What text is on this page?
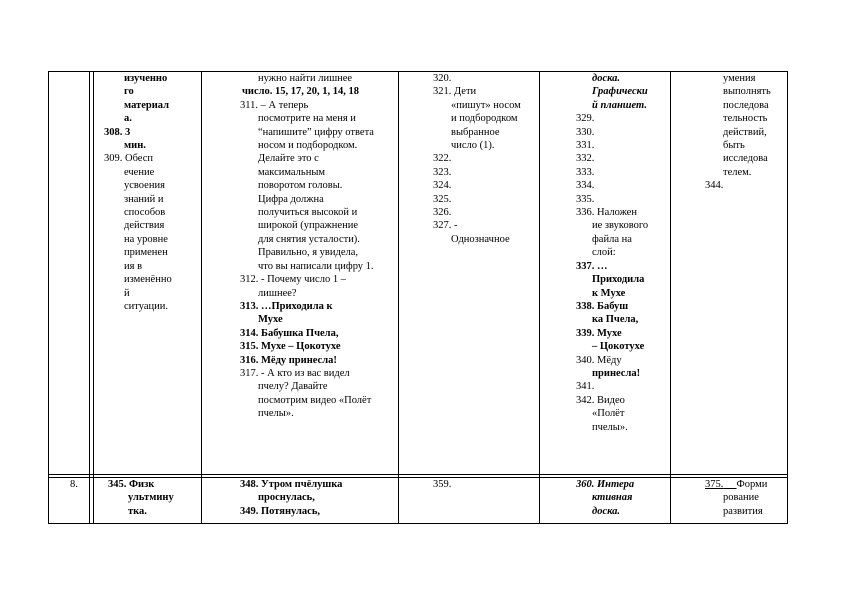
изученно
го
материал
а.
308. 3
мин.
309. Обесп
ечение
усвоения
знаний и
способов
действия
на уровне
применен
ия в
изменённо
й
ситуации.
нужно найти лишнее
число. 15, 17, 20, 1, 14, 18
311. – А теперь
посмотрите на меня и
“напишите” цифру ответа
носом и подбородком.
Делайте это с
максимальным
поворотом головы.
Цифра должна
получиться высокой и
широкой (упражнение
для снятия усталости).
Правильно, я увидела,
что вы написали цифру 1.
312. - Почему число 1 –
лишнее?
313. …Приходила к
Мухе
314. Бабушка Пчела,
315. Мухе – Цокотухе
316. Мёду принесла!
317. - А кто из вас видел
пчелу? Давайте
посмотрим видео «Полёт
пчелы».
320.
321. Дети
«пишут» носом
и подбородком
выбранное
число (1).
322.
323.
324.
325.
326.
327. -
Однозначное
доска.
Графически
й планшет.
329.
330.
331.
332.
333.
334.
335.
336. Наложен
ие звукового
файла на
слой:
337. …
Приходила
к Мухе
338. Бабуш
ка Пчела,
339. Мухе
– Цокотухе
340. Мёду
принесла!
341.
342. Видео
«Полёт
пчелы».
умения
выполнять
последова
тельность
действий,
быть
исследова
телем.
344.
8.	345. Физк
ультмину
тка.
348. Утром пчёлушка
проснулась,
349. Потянулась,
359.	360. Интера
ктивная
доска.
375. Форми
рование
развития
